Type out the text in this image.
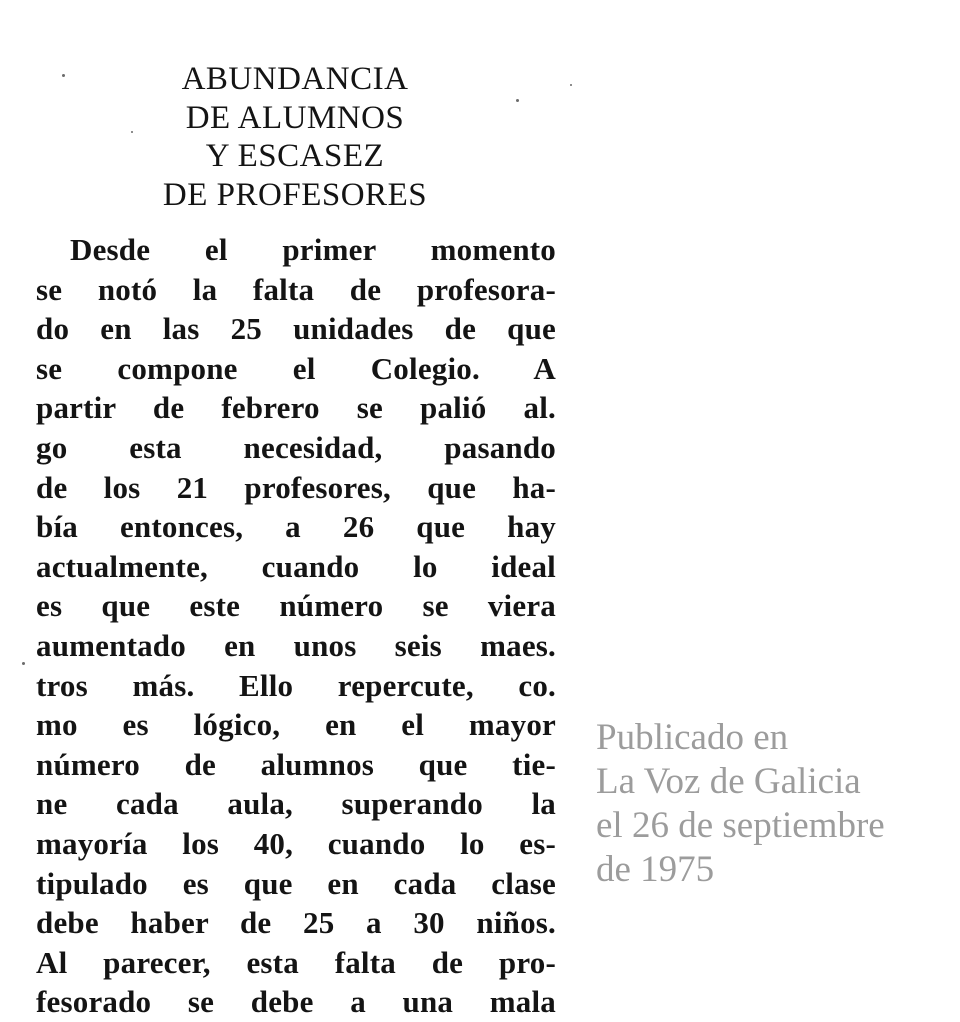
ABUNDANCIA
DE ALUMNOS
Y ESCASEZ
DE PROFESORES
Desde el primer momento
se notó la falta de profesora-
do en las 25 unidades de que
se compone el Colegio. A
partir de febrero se palió al.
go esta necesidad, pasando
de los 21 profesores, que ha-
bía entonces, a 26 que hay
actualmente, cuando lo ideal
es que este número se viera
aumentado en unos seis maes.
tros más. Ello repercute, co.
mo es lógico, en el mayor
número de alumnos que tie-
ne cada aula, superando la
mayoría los 40, cuando lo es-
tipulado es que en cada clase
debe haber de 25 a 30 niños.
Al parecer, esta falta de pro-
fesorado se debe a una mala
Publicado en
La Voz de Galicia
el 26 de septiembre
de 1975
